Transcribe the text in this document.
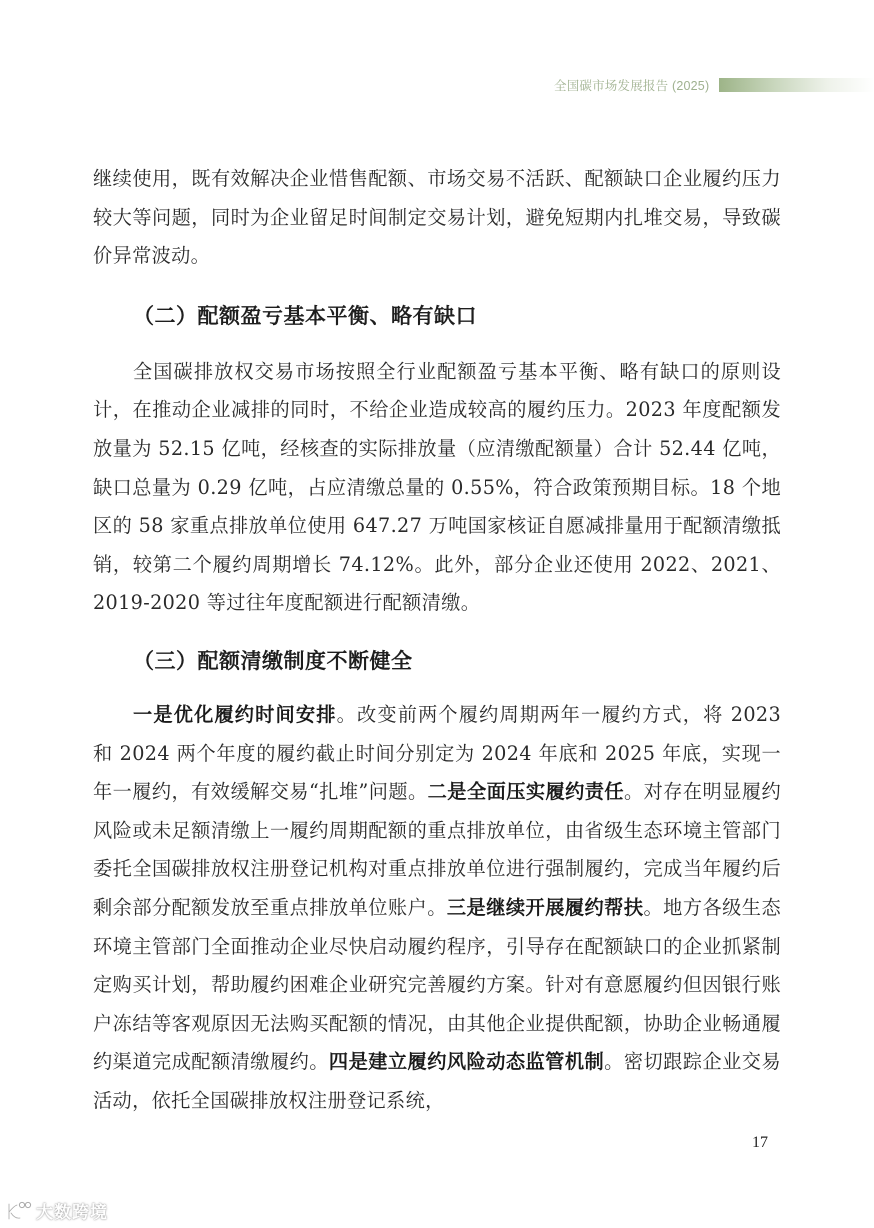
全国碳市场发展报告 (2025)

继续使用，既有效解决企业惜售配额、市场交易不活跃、配额缺口企业履约压力较大等问题，同时为企业留足时间制定交易计划，避免短期内扎堆交易，导致碳价异常波动。

（二）配额盈亏基本平衡、略有缺口

全国碳排放权交易市场按照全行业配额盈亏基本平衡、略有缺口的原则设计，在推动企业减排的同时，不给企业造成较高的履约压力。2023 年度配额发放量为 52.15 亿吨，经核查的实际排放量（应清缴配额量）合计 52.44 亿吨，缺口总量为 0.29 亿吨，占应清缴总量的 0.55%，符合政策预期目标。18 个地区的 58 家重点排放单位使用 647.27 万吨国家核证自愿减排量用于配额清缴抵销，较第二个履约周期增长 74.12%。此外，部分企业还使用 2022、2021、2019-2020 等过往年度配额进行配额清缴。

（三）配额清缴制度不断健全

一是优化履约时间安排。改变前两个履约周期两年一履约方式，将 2023 和 2024 两个年度的履约截止时间分别定为 2024 年底和 2025 年底，实现一年一履约，有效缓解交易“扎堆”问题。二是全面压实履约责任。对存在明显履约风险或未足额清缴上一履约周期配额的重点排放单位，由省级生态环境主管部门委托全国碳排放权注册登记机构对重点排放单位进行强制履约，完成当年履约后剩余部分配额发放至重点排放单位账户。三是继续开展履约帮扶。地方各级生态环境主管部门全面推动企业尽快启动履约程序，引导存在配额缺口的企业抓紧制定购买计划，帮助履约困难企业研究完善履约方案。针对有意愿履约但因银行账户冻结等客观原因无法购买配额的情况，由其他企业提供配额，协助企业畅通履约渠道完成配额清缴履约。四是建立履约风险动态监管机制。密切跟踪企业交易活动，依托全国碳排放权注册登记系统，

17
大数跨境
